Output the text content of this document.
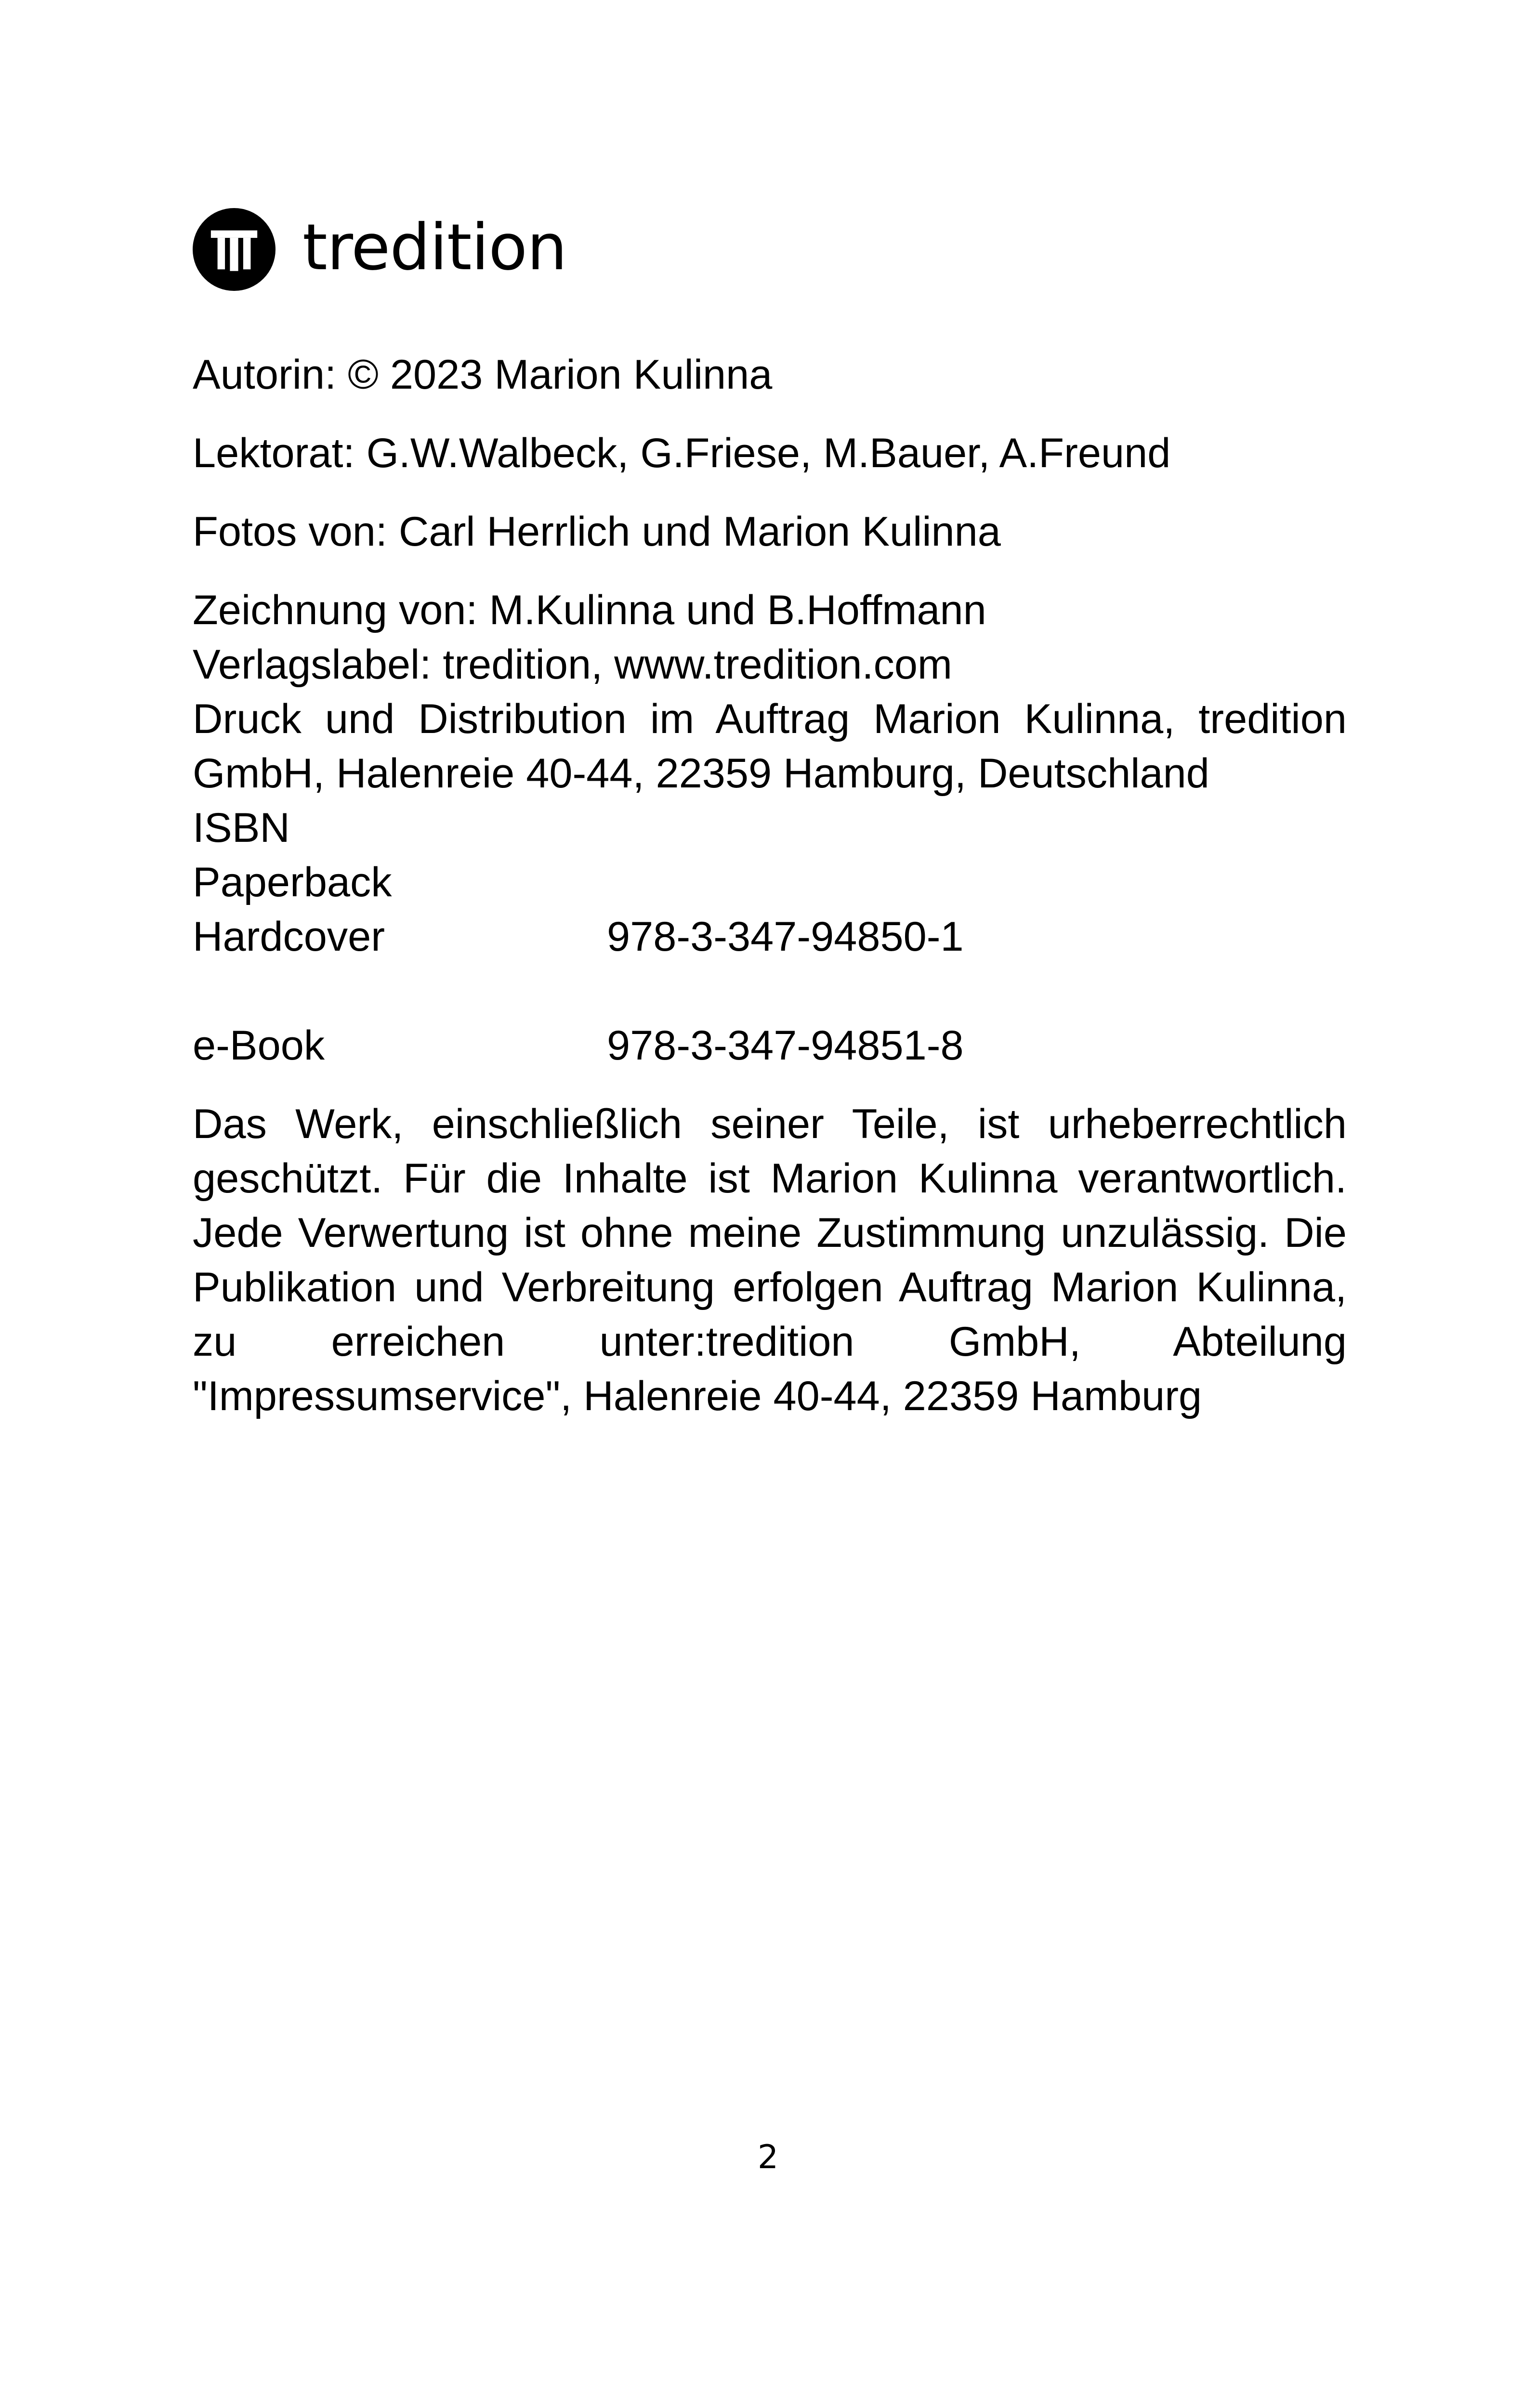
tredition

Autorin: © 2023 Marion Kulinna

Lektorat: G.W.Walbeck, G.Friese, M.Bauer, A.Freund

Fotos von: Carl Herrlich und Marion Kulinna

Zeichnung von: M.Kulinna und B.Hoffmann

Verlagslabel: tredition, www.tredition.com

Druck und Distribution im Auftrag Marion Kulinna, tredition GmbH, Halenreie 40-44, 22359 Hamburg, Deutschland

ISBN

Paperback

Hardcover	978-3-347-94850-1
e-Book	978-3-347-94851-8

Das Werk, einschließlich seiner Teile, ist urheberrechtlich geschützt. Für die Inhalte ist Marion Kulinna verantwortlich. Jede Verwertung ist ohne meine Zustimmung unzulässig. Die Publikation und Verbreitung erfolgen Auftrag Marion Kulinna, zu erreichen unter:tredition GmbH, Abteilung "Impressumservice", Halenreie 40-44, 22359 Hamburg

2
